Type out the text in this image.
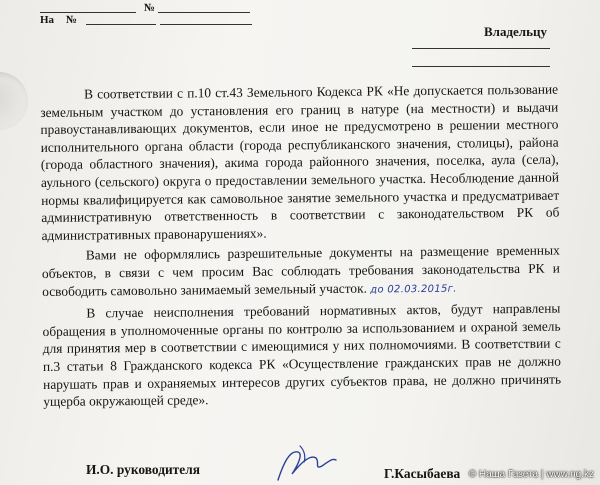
№
На №
Владельцу

В соответствии с п.10 ст.43 Земельного Кодекса РК «Не допускается пользование земельным участком до установления его границ в натуре (на местности) и выдачи правоустанавливающих документов, если иное не предусмотрено в решении местного исполнительного органа области (города республиканского значения, столицы), района (города областного значения), акима города районного значения, поселка, аула (села), аульного (сельского) округа о предоставлении земельного участка. Несоблюдение данной нормы квалифицируется как самовольное занятие земельного участка и предусматривает административную ответственность в соответствии с законодательством РК об административных правонарушениях».

Вами не оформлялись разрешительные документы на размещение временных объектов, в связи с чем просим Вас соблюдать требования законодательства РК и освободить самовольно занимаемый земельный участок. до 02.03.2015г.

В случае неисполнения требований нормативных актов, будут направлены обращения в уполномоченные органы по контролю за использованием и охраной земель для принятия мер в соответствии с имеющимися у них полномочиями. В соответствии с п.3 статьи 8 Гражданского кодекса РК «Осуществление гражданских прав не должно нарушать прав и охраняемых интересов других субъектов права, не должно причинять ущерба окружающей среде».

И.О. руководителя	Г.Касыбаева © Наша Газета | www.ng.kz
